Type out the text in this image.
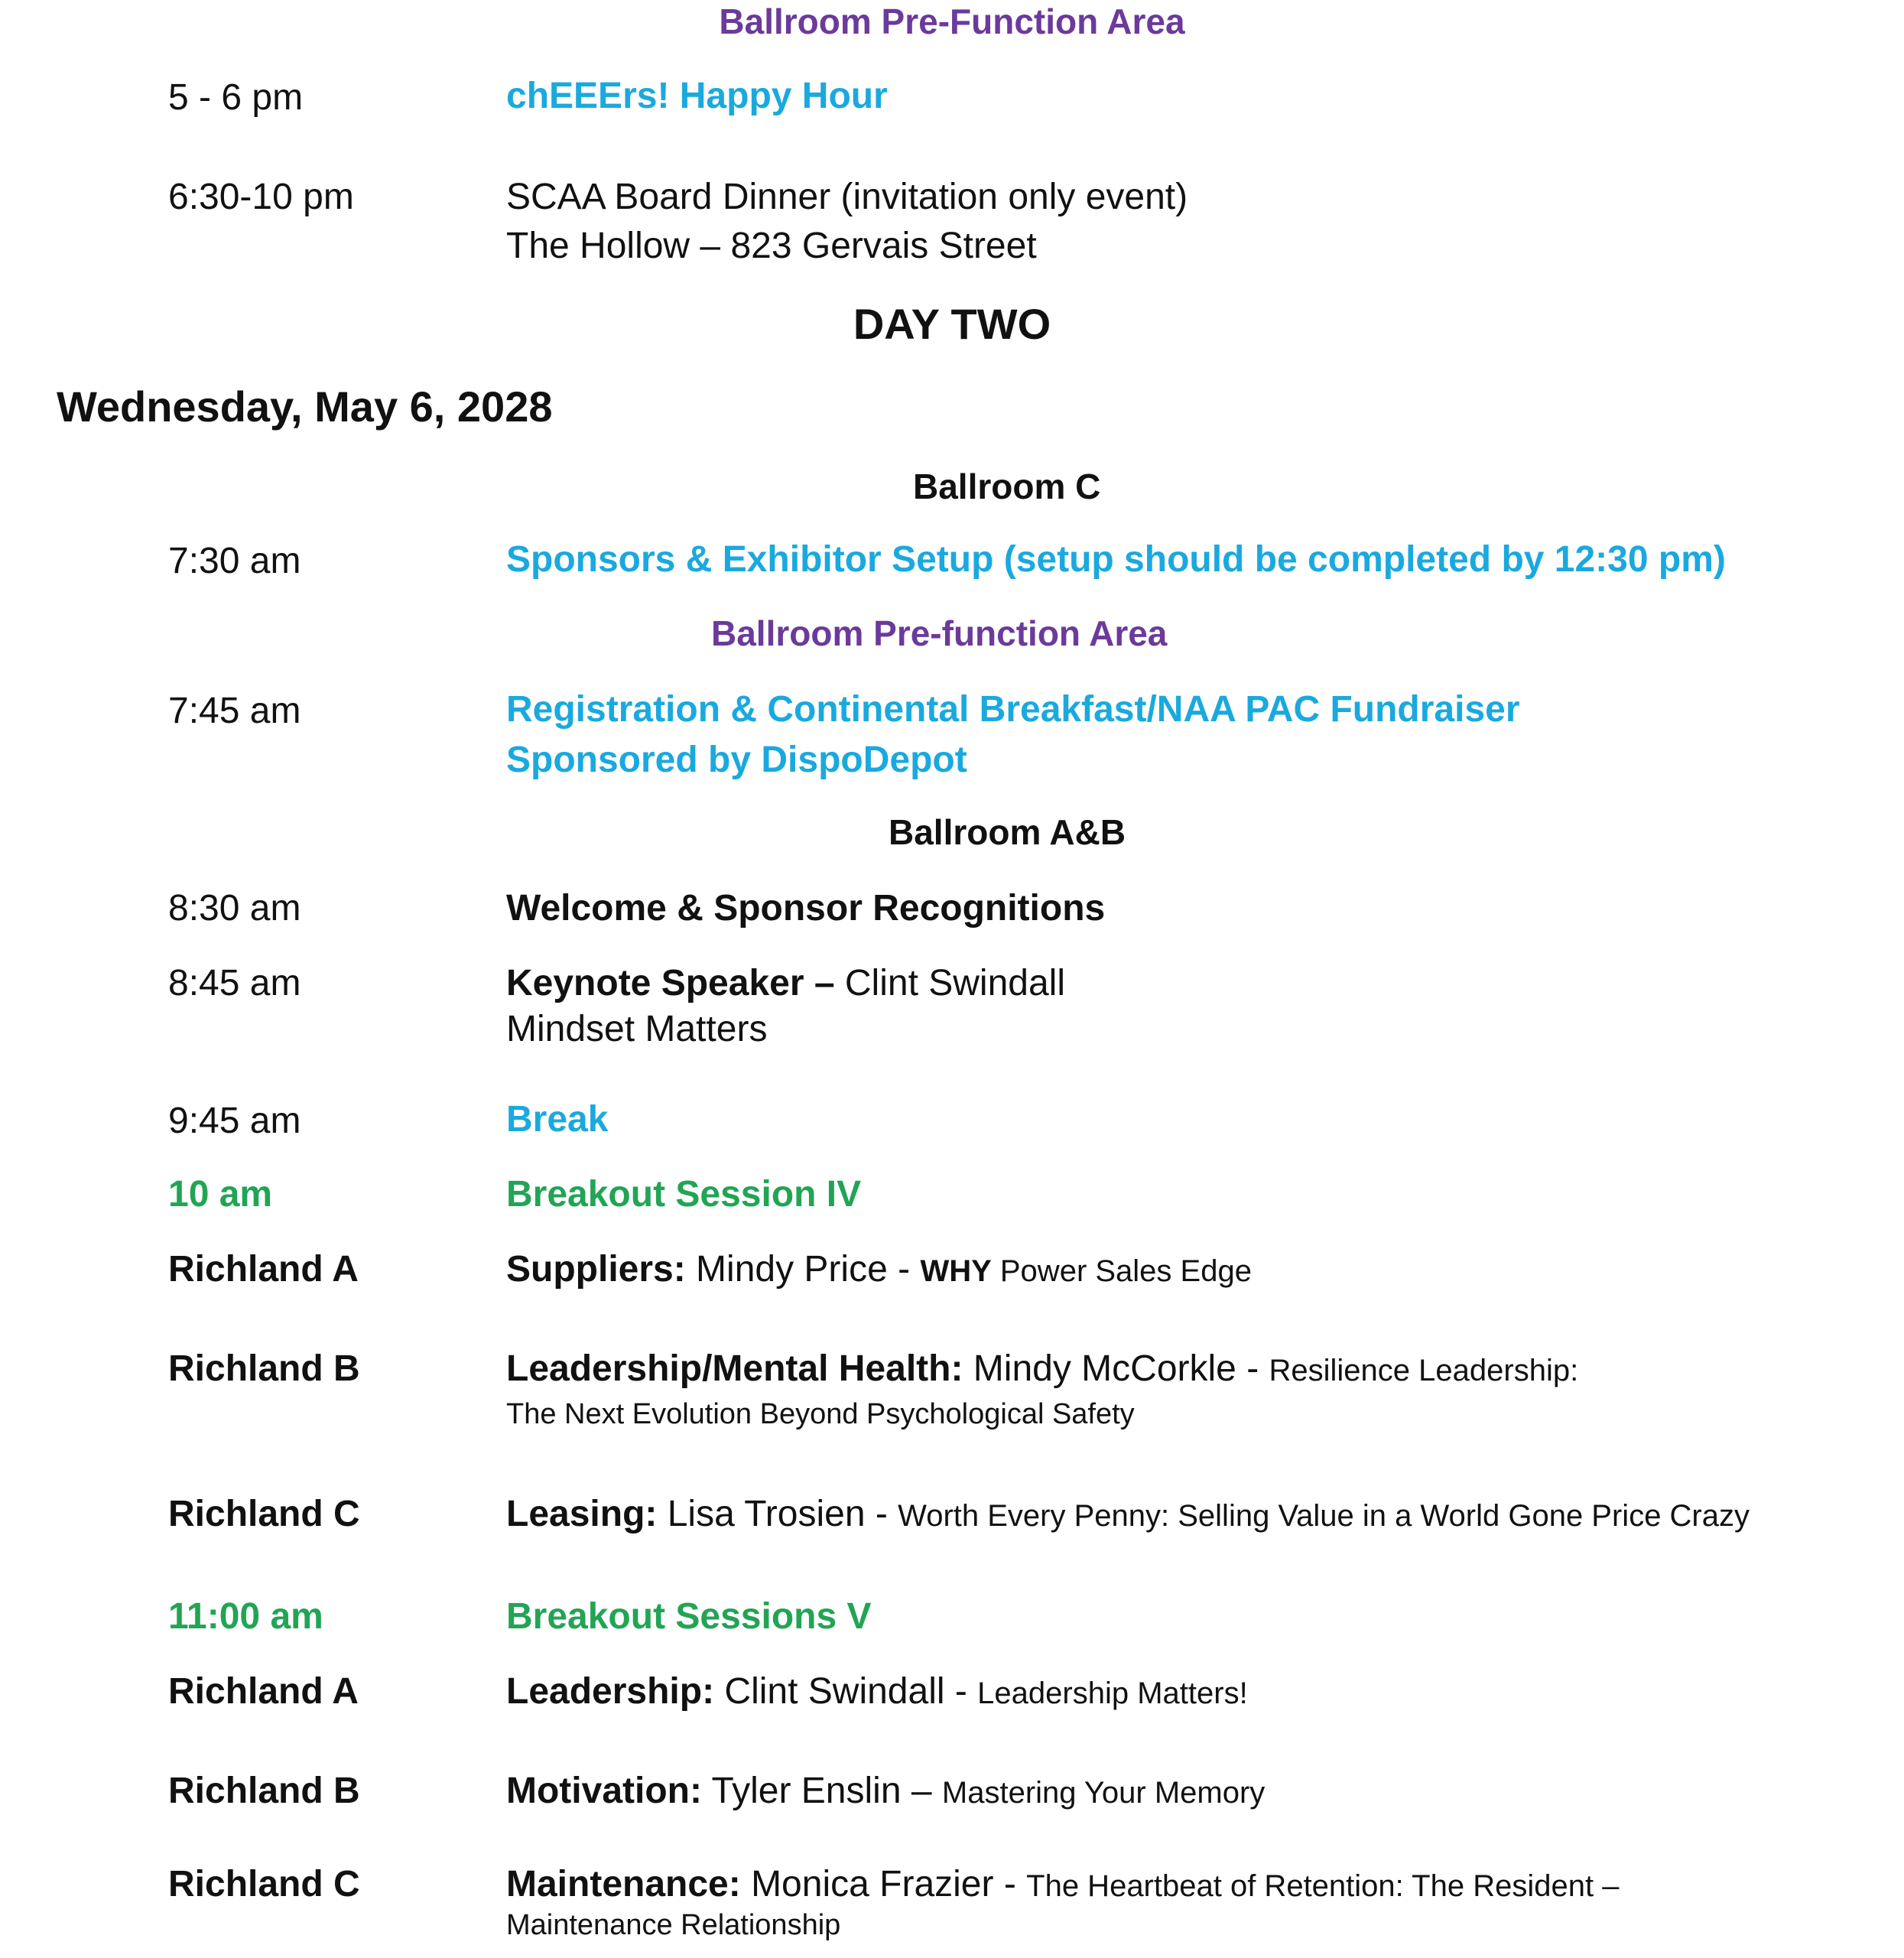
Ballroom Pre-Function Area
5 - 6 pm	chEEErs! Happy Hour
6:30-10 pm	SCAA Board Dinner (invitation only event)
The Hollow – 823 Gervais Street
DAY TWO
Wednesday, May 6, 2028
Ballroom C
7:30 am	Sponsors & Exhibitor Setup (setup should be completed by 12:30 pm)
Ballroom Pre-function Area
7:45 am	Registration & Continental Breakfast/NAA PAC Fundraiser
Sponsored by DispoDepot
Ballroom A&B
8:30 am	Welcome & Sponsor Recognitions
8:45 am	Keynote Speaker – Clint Swindall
Mindset Matters
9:45 am	Break
10 am	Breakout Session IV
Richland A	Suppliers: Mindy Price - WHY Power Sales Edge
Richland B	Leadership/Mental Health: Mindy McCorkle - Resilience Leadership:
The Next Evolution Beyond Psychological Safety
Richland C	Leasing: Lisa Trosien - Worth Every Penny: Selling Value in a World Gone Price Crazy
11:00 am	Breakout Sessions V
Richland A	Leadership: Clint Swindall - Leadership Matters!
Richland B	Motivation: Tyler Enslin – Mastering Your Memory
Richland C	Maintenance: Monica Frazier - The Heartbeat of Retention: The Resident –
Maintenance Relationship
